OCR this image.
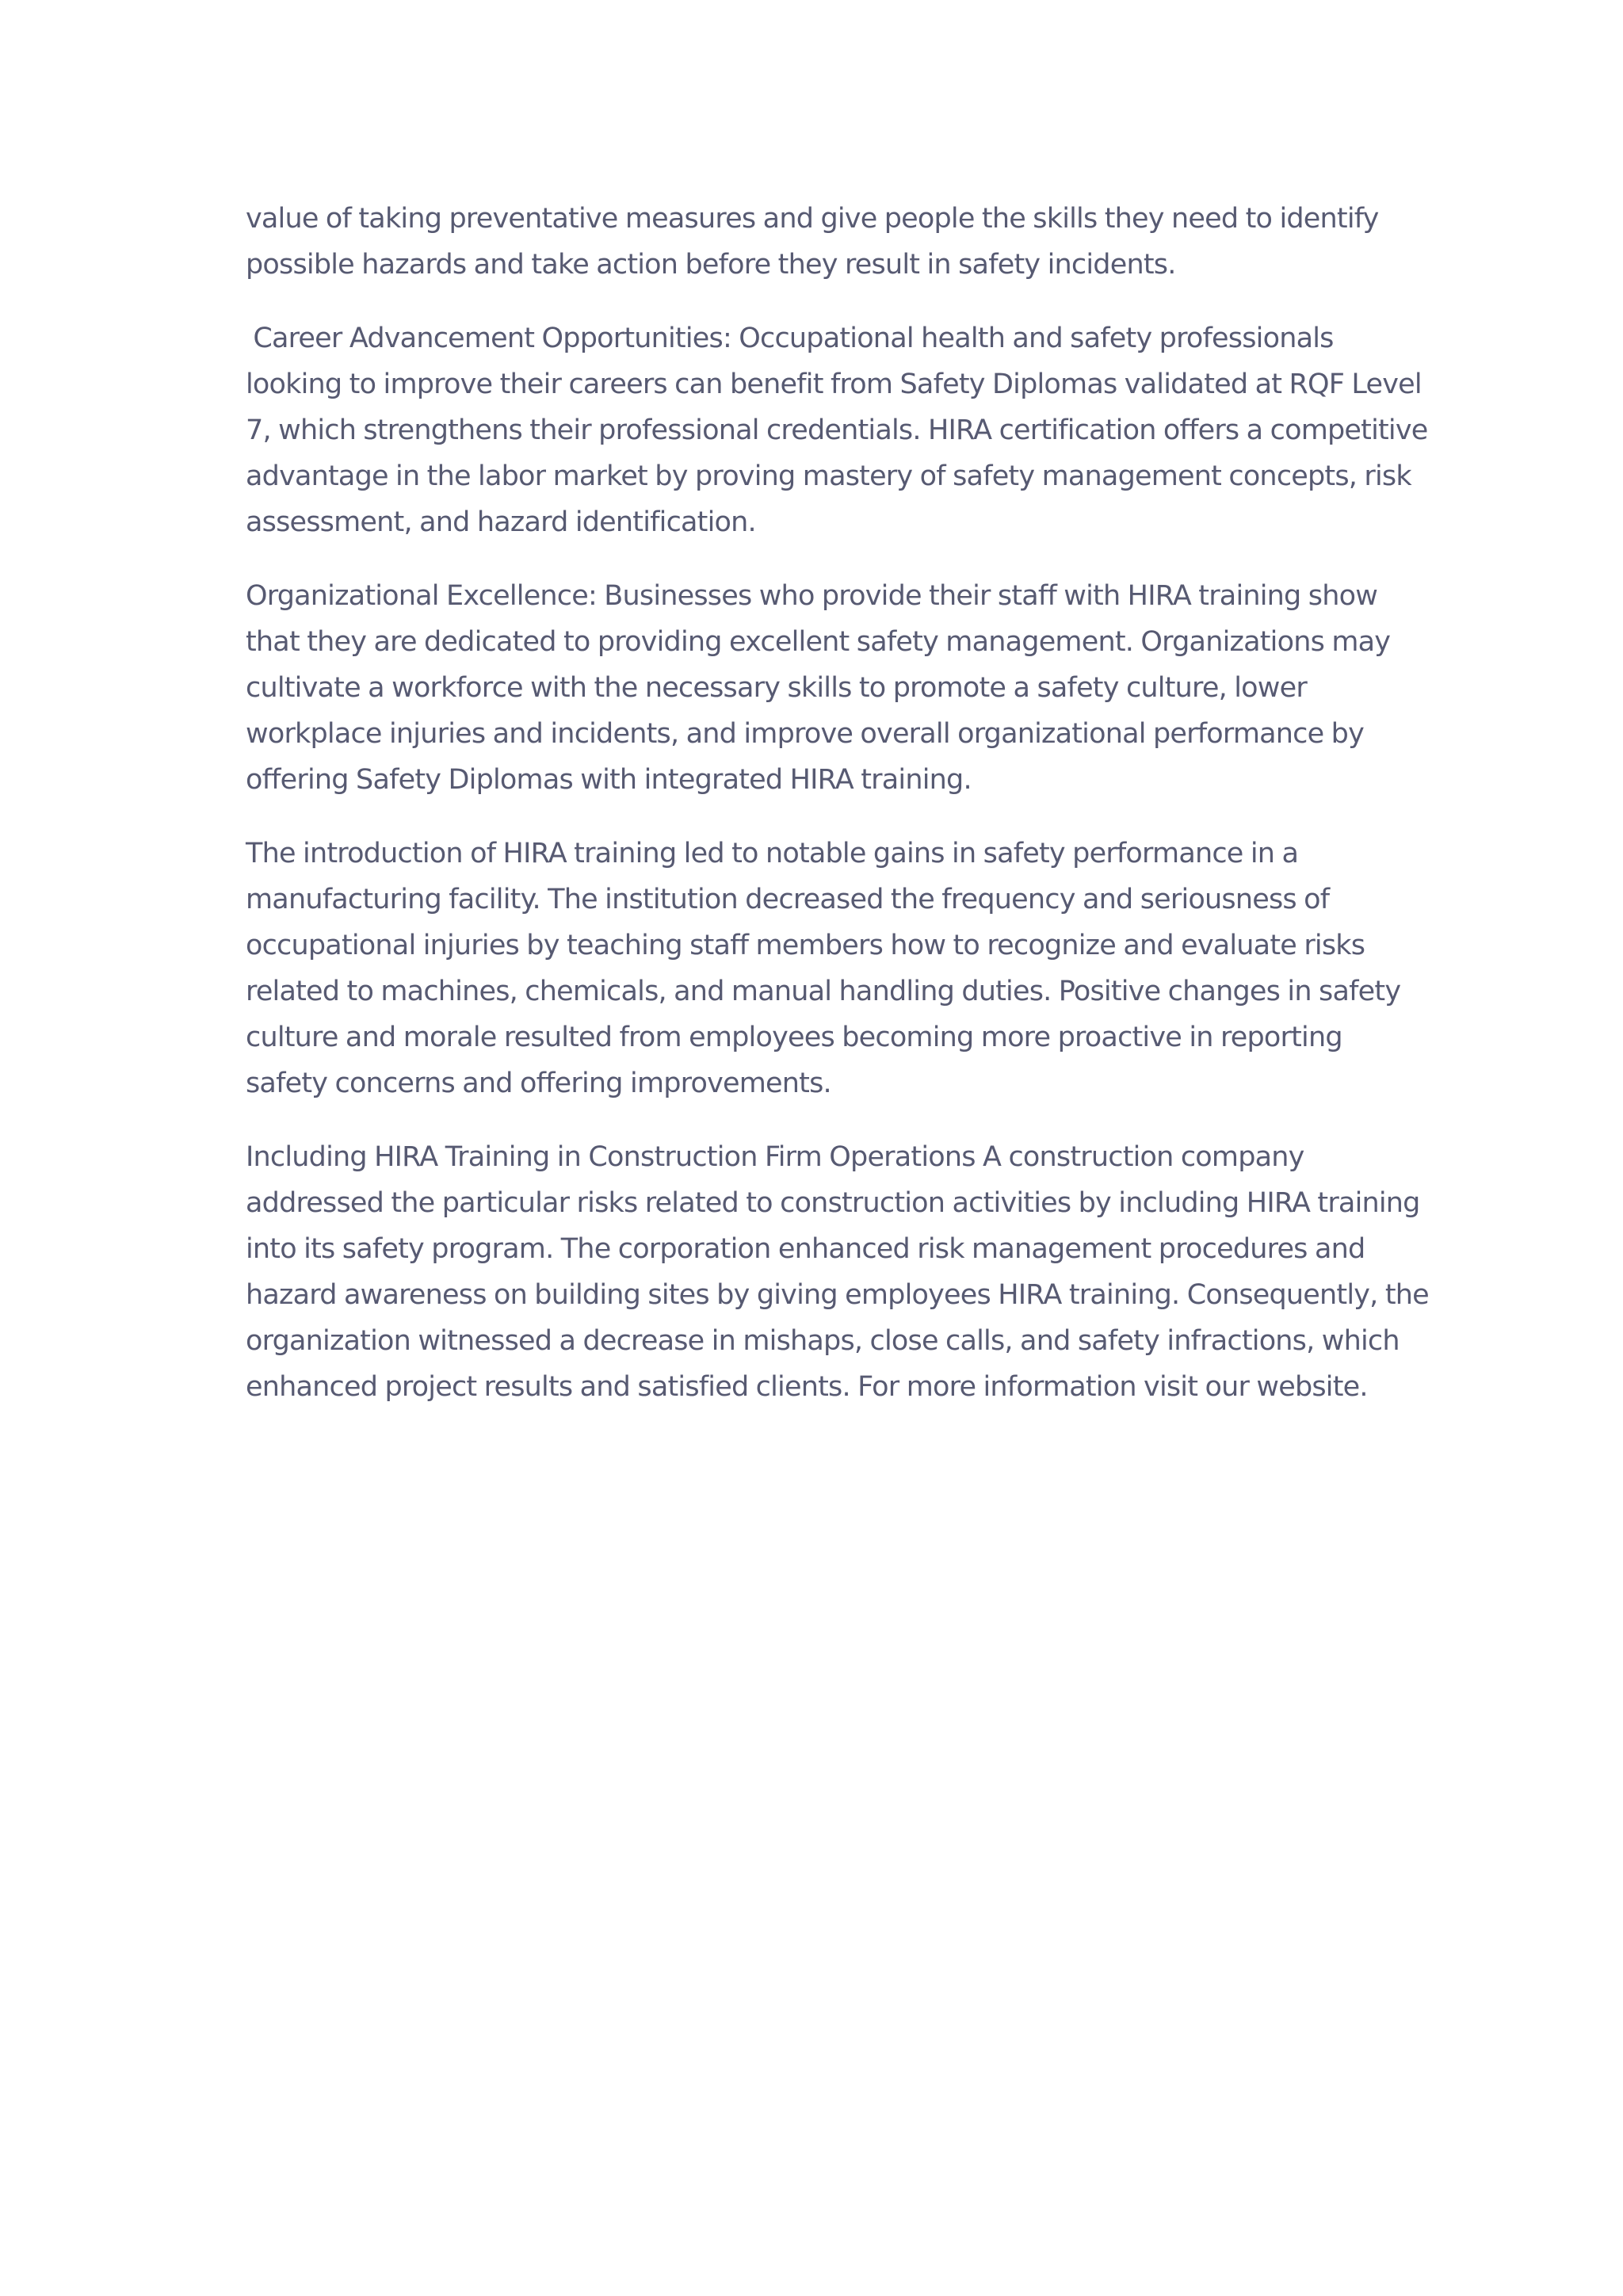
value of taking preventative measures and give people the skills they need to identify
possible hazards and take action before they result in safety incidents.

Career Advancement Opportunities: Occupational health and safety professionals
looking to improve their careers can benefit from Safety Diplomas validated at RQF Level
7, which strengthens their professional credentials. HIRA certification offers a competitive
advantage in the labor market by proving mastery of safety management concepts, risk
assessment, and hazard identification.

Organizational Excellence: Businesses who provide their staff with HIRA training show
that they are dedicated to providing excellent safety management. Organizations may
cultivate a workforce with the necessary skills to promote a safety culture, lower
workplace injuries and incidents, and improve overall organizational performance by
offering Safety Diplomas with integrated HIRA training.

The introduction of HIRA training led to notable gains in safety performance in a
manufacturing facility. The institution decreased the frequency and seriousness of
occupational injuries by teaching staff members how to recognize and evaluate risks
related to machines, chemicals, and manual handling duties. Positive changes in safety
culture and morale resulted from employees becoming more proactive in reporting
safety concerns and offering improvements.

Including HIRA Training in Construction Firm Operations A construction company
addressed the particular risks related to construction activities by including HIRA training
into its safety program. The corporation enhanced risk management procedures and
hazard awareness on building sites by giving employees HIRA training. Consequently, the
organization witnessed a decrease in mishaps, close calls, and safety infractions, which
enhanced project results and satisfied clients. For more information visit our website.
